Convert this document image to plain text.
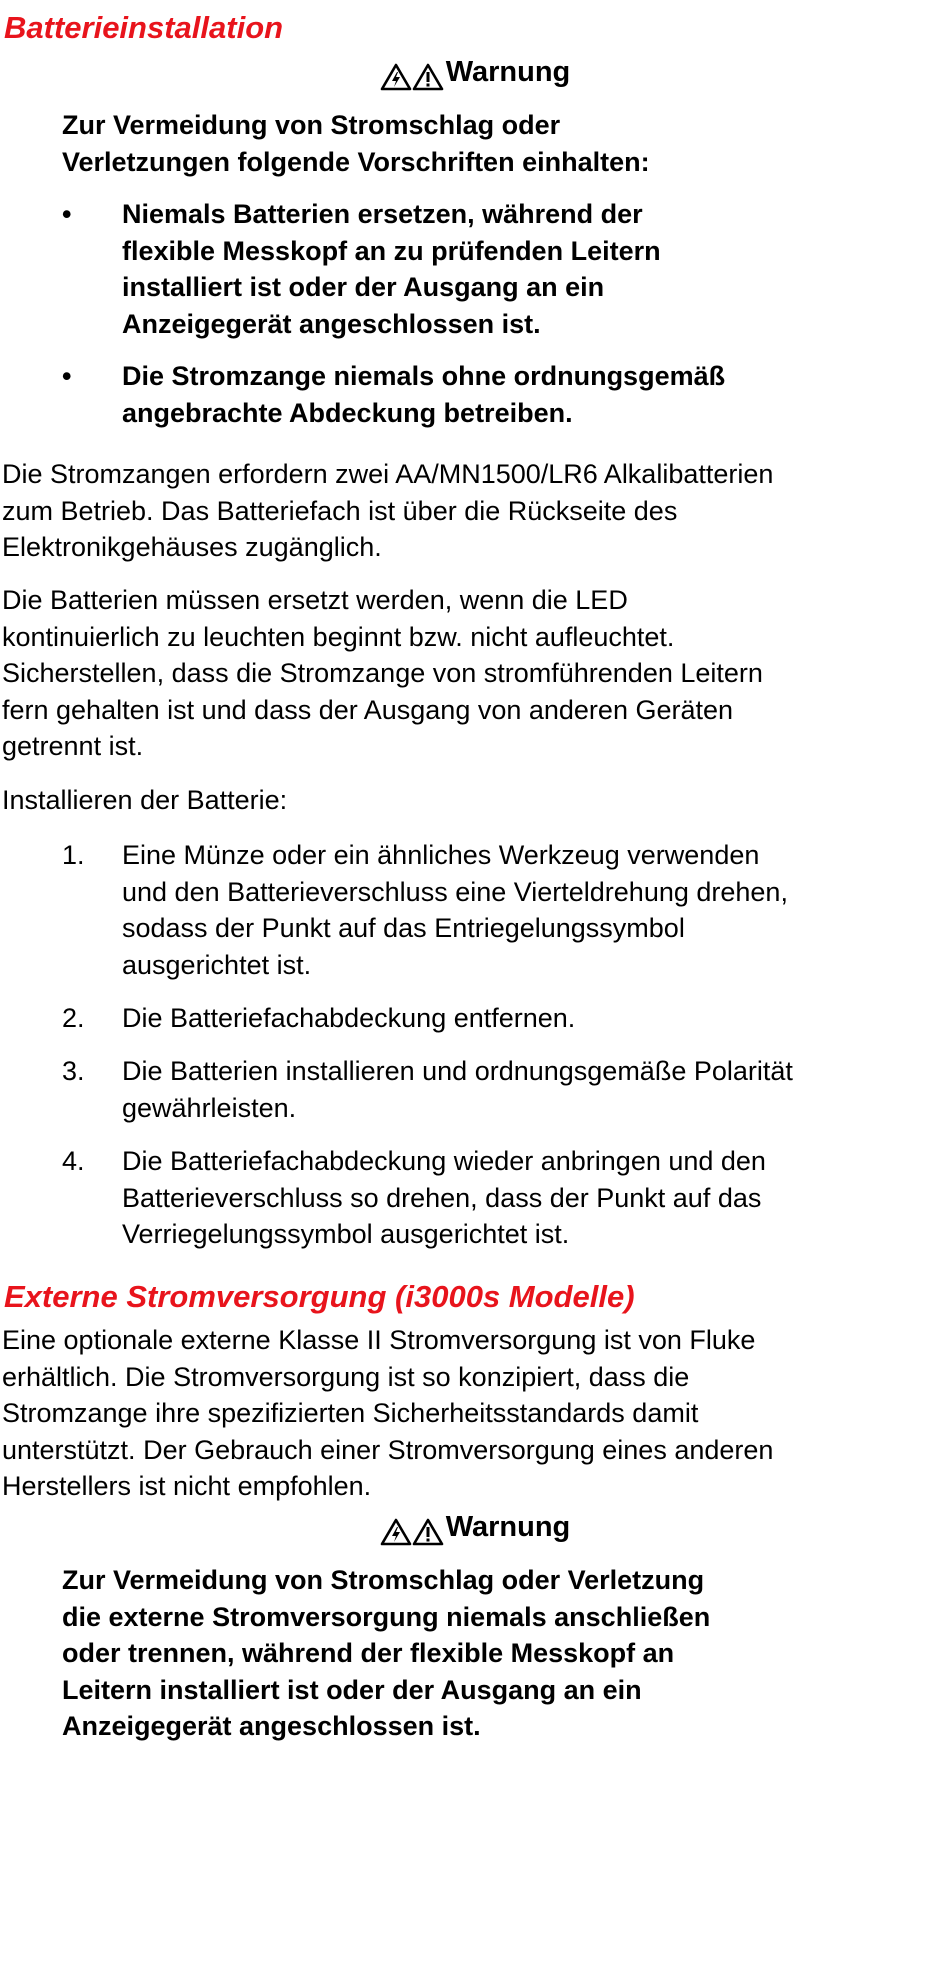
Batterieinstallation
Warnung
Zur Vermeidung von Stromschlag oder
Verletzungen folgende Vorschriften einhalten:
•	Niemals Batterien ersetzen, während der
flexible Messkopf an zu prüfenden Leitern
installiert ist oder der Ausgang an ein
Anzeigegerät angeschlossen ist.
•	Die Stromzange niemals ohne ordnungsgemäß
angebrachte Abdeckung betreiben.
Die Stromzangen erfordern zwei AA/MN1500/LR6 Alkalibatterien
zum Betrieb. Das Batteriefach ist über die Rückseite des
Elektronikgehäuses zugänglich.
Die Batterien müssen ersetzt werden, wenn die LED
kontinuierlich zu leuchten beginnt bzw. nicht aufleuchtet.
Sicherstellen, dass die Stromzange von stromführenden Leitern
fern gehalten ist und dass der Ausgang von anderen Geräten
getrennt ist.
Installieren der Batterie:
1.	Eine Münze oder ein ähnliches Werkzeug verwenden
und den Batterieverschluss eine Vierteldrehung drehen,
sodass der Punkt auf das Entriegelungssymbol
ausgerichtet ist.
2.	Die Batteriefachabdeckung entfernen.
3.	Die Batterien installieren und ordnungsgemäße Polarität
gewährleisten.
4.	Die Batteriefachabdeckung wieder anbringen und den
Batterieverschluss so drehen, dass der Punkt auf das
Verriegelungssymbol ausgerichtet ist.
Externe Stromversorgung (i3000s Modelle)
Eine optionale externe Klasse II Stromversorgung ist von Fluke
erhältlich. Die Stromversorgung ist so konzipiert, dass die
Stromzange ihre spezifizierten Sicherheitsstandards damit
unterstützt. Der Gebrauch einer Stromversorgung eines anderen
Herstellers ist nicht empfohlen.
Warnung
Zur Vermeidung von Stromschlag oder Verletzung
die externe Stromversorgung niemals anschließen
oder trennen, während der flexible Messkopf an
Leitern installiert ist oder der Ausgang an ein
Anzeigegerät angeschlossen ist.
